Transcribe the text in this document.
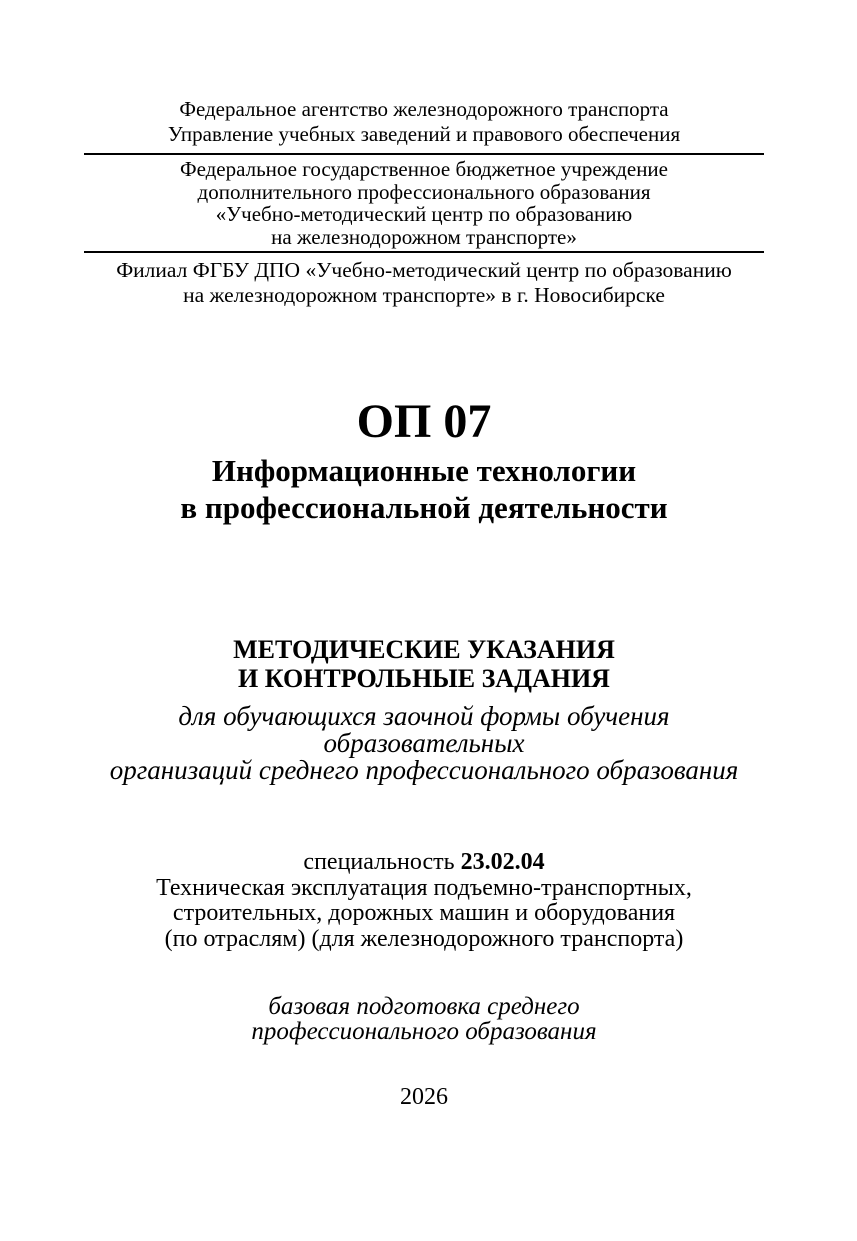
Федеральное агентство железнодорожного транспорта
Управление учебных заведений и правового обеспечения
Федеральное государственное бюджетное учреждение
дополнительного профессионального образования
«Учебно-методический центр по образованию
на железнодорожном транспорте»
Филиал ФГБУ ДПО «Учебно-методический центр по образованию
на железнодорожном транспорте» в г. Новосибирске
ОП 07
Информационные технологии
в профессиональной деятельности
МЕТОДИЧЕСКИЕ УКАЗАНИЯ
И КОНТРОЛЬНЫЕ ЗАДАНИЯ
для обучающихся заочной формы обучения образовательных
организаций среднего профессионального образования
специальность 23.02.04
Техническая эксплуатация подъемно-транспортных,
строительных, дорожных машин и оборудования
(по отраслям) (для железнодорожного транспорта)
базовая подготовка среднего
профессионального образования
2026
